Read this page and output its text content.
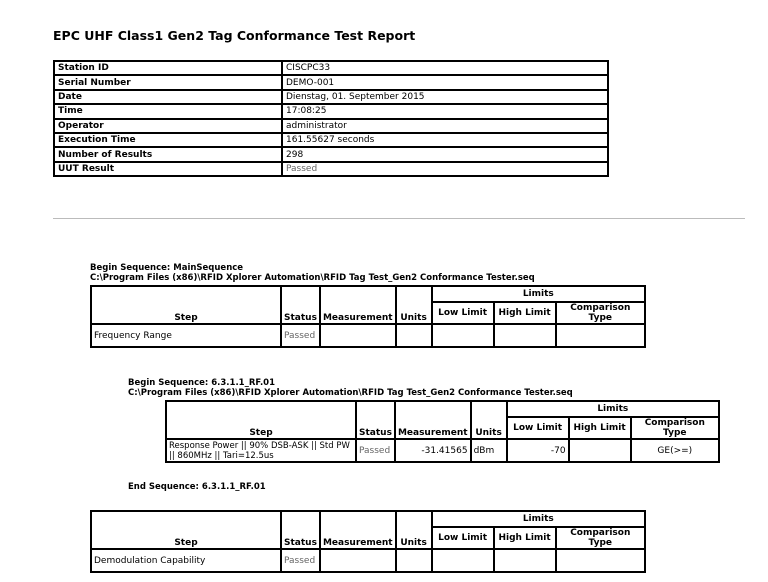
EPC UHF Class1 Gen2 Tag Conformance Test Report
Station ID	CISCPC33
Serial Number	DEMO-001
Date	Dienstag, 01. September 2015
Time	17:08:25
Operator	administrator
Execution Time	161.55627 seconds
Number of Results	298
UUT Result	Passed
Begin Sequence: MainSequence
C:\Program Files (x86)\RFID Xplorer Automation\RFID Tag Test_Gen2 Conformance Tester.seq
Step	Status	Measurement	Units	Limits		
				Low Limit	High Limit	Comparison Type
Frequency Range	Passed					
Begin Sequence: 6.3.1.1_RF.01
C:\Program Files (x86)\RFID Xplorer Automation\RFID Tag Test_Gen2 Conformance Tester.seq
Step	Status	Measurement	Units	Limits		
				Low Limit	High Limit	Comparison Type
Response Power || 90% DSB-ASK || Std PW || 860MHz || Tari=12.5us	Passed	-31.41565	dBm	-70		GE(>=)
End Sequence: 6.3.1.1_RF.01
Step	Status	Measurement	Units	Limits		
				Low Limit	High Limit	Comparison Type
Demodulation Capability	Passed					
